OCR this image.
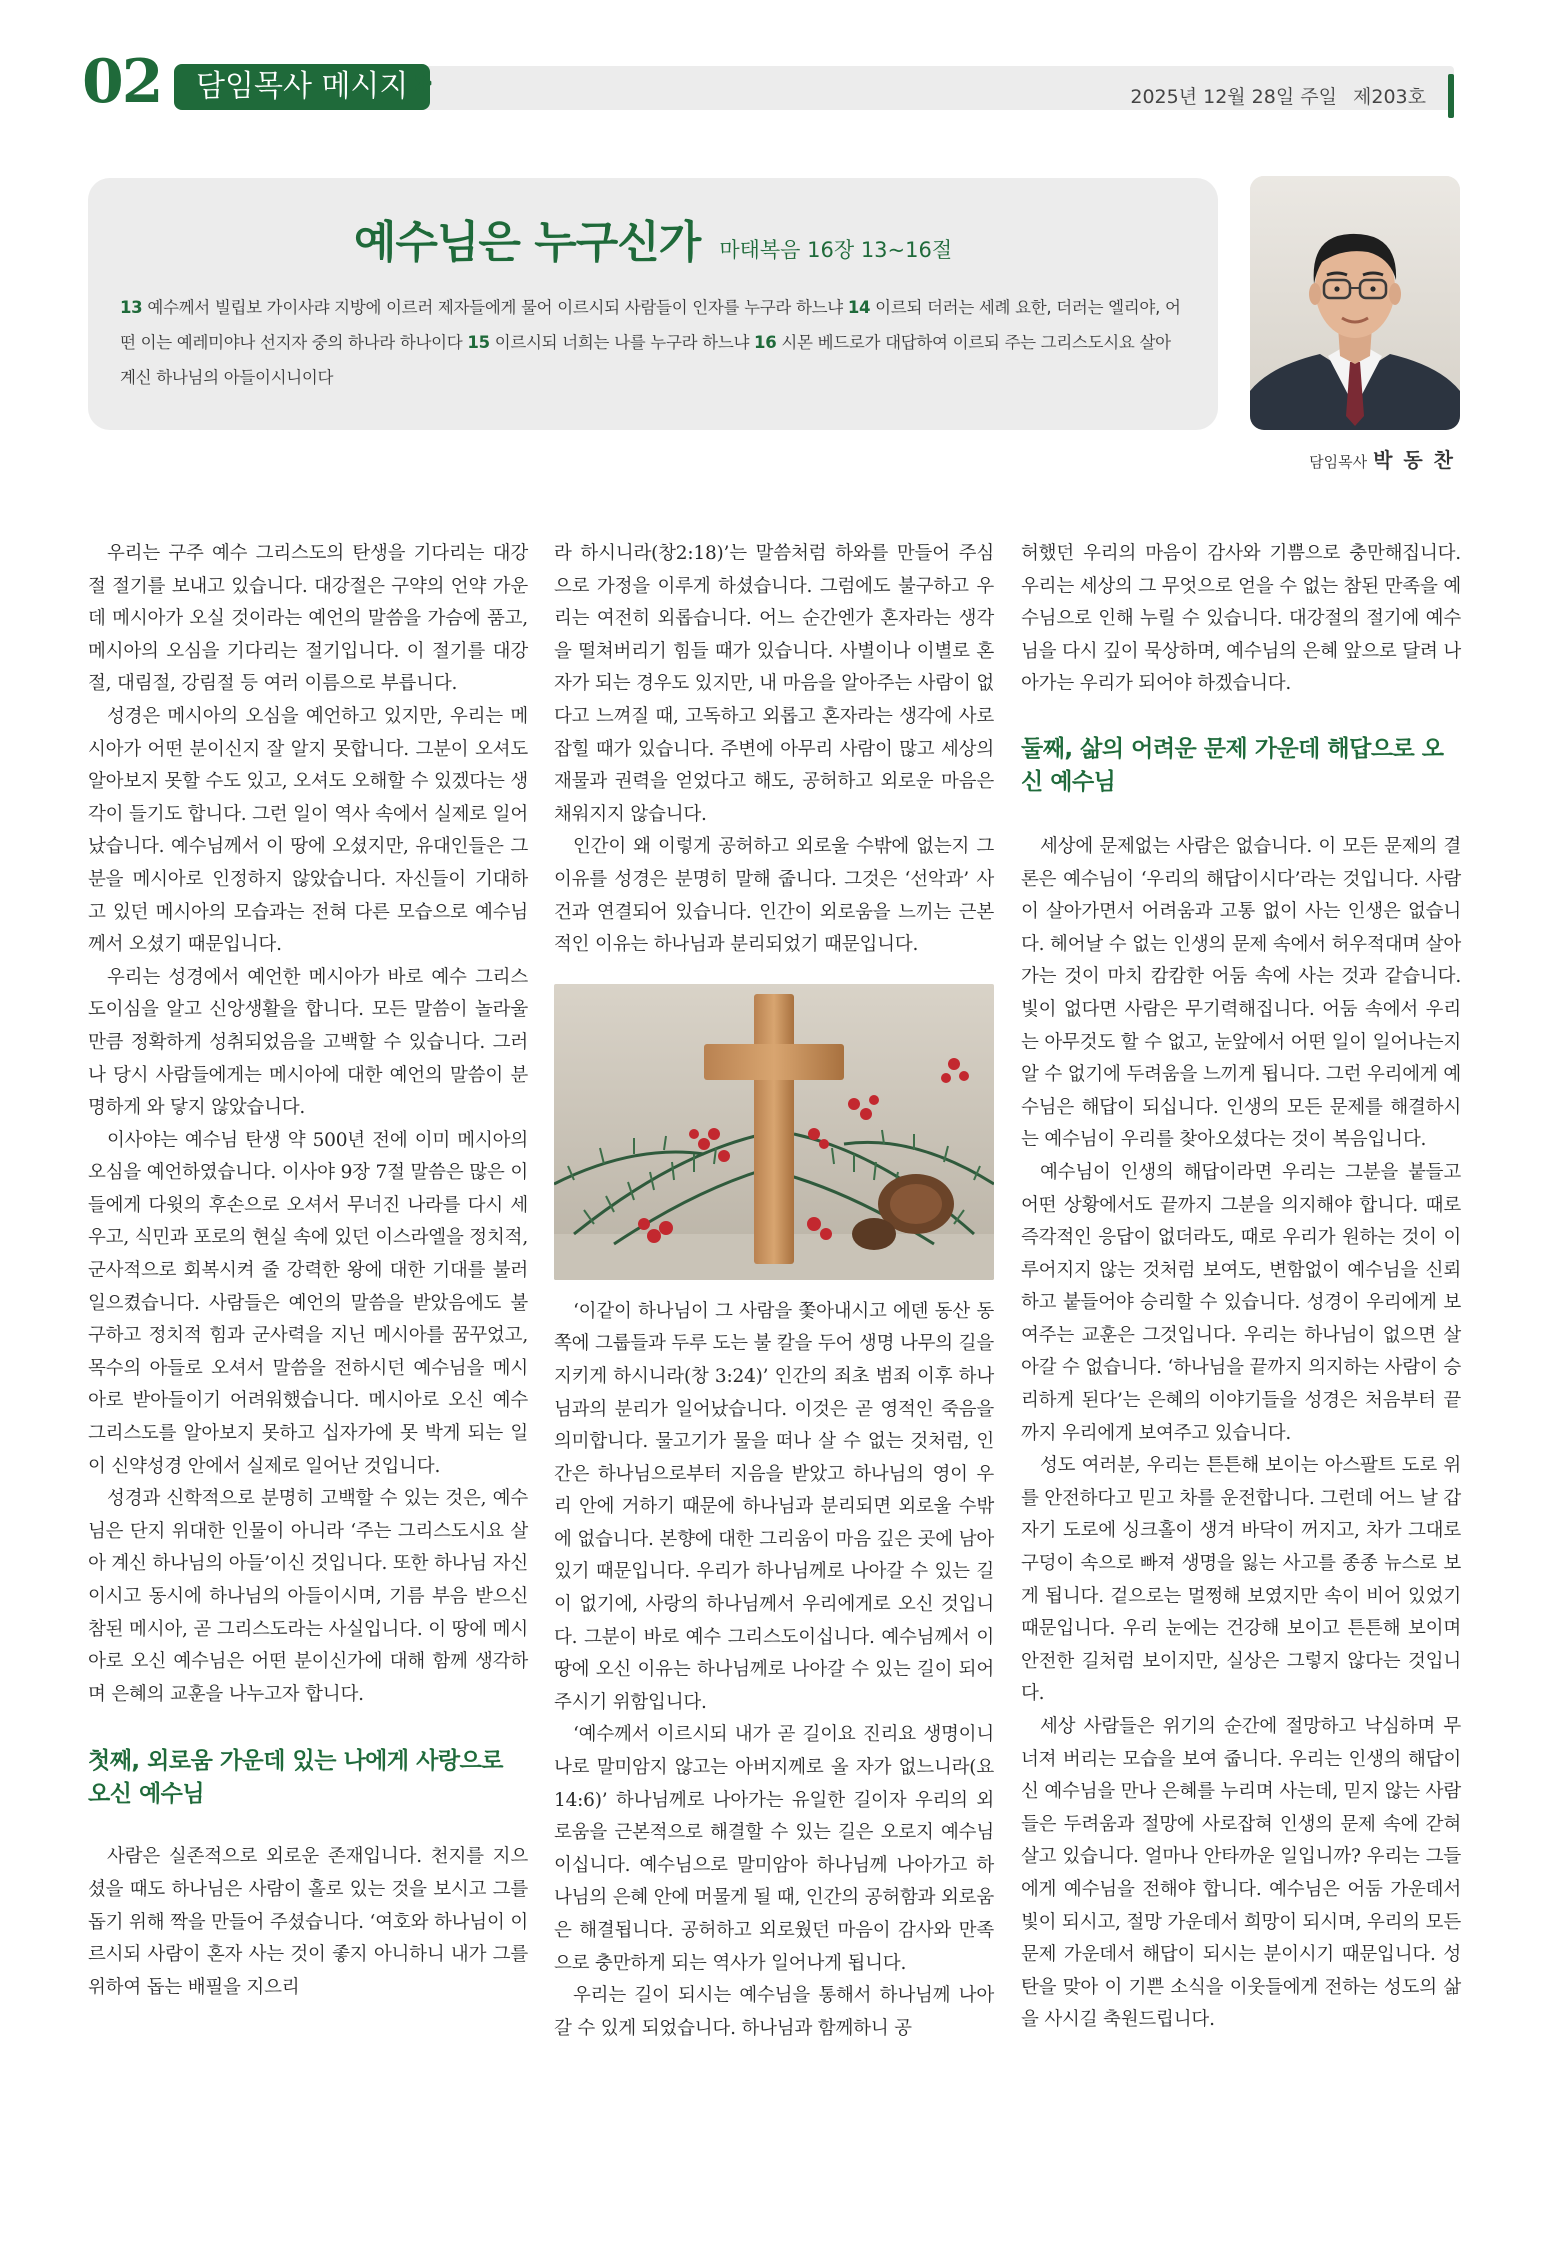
2025년 12월 28일 주일 제203호
02	담임목사 메시지 »
예수님은 누구신가 마태복음 16장 13~16절
13 예수께서 빌립보 가이사랴 지방에 이르러 제자들에게 물어 이르시되 사람들이 인자를 누구라 하느냐 14 이르되 더러는 세례 요한, 더러는 엘리야, 어떤 이는 예레미야나 선지자 중의 하나라 하나이다 15 이르시되 너희는 나를 누구라 하느냐 16 시몬 베드로가 대답하여 이르되 주는 그리스도시요 살아 계신 하나님의 아들이시니이다
담임목사 박 동 찬

우리는 구주 예수 그리스도의 탄생을 기다리는 대강절 절기를 보내고 있습니다. 대강절은 구약의 언약 가운데 메시아가 오실 것이라는 예언의 말씀을 가슴에 품고, 메시아의 오심을 기다리는 절기입니다. 이 절기를 대강절, 대림절, 강림절 등 여러 이름으로 부릅니다.

성경은 메시아의 오심을 예언하고 있지만, 우리는 메시아가 어떤 분이신지 잘 알지 못합니다. 그분이 오셔도 알아보지 못할 수도 있고, 오셔도 오해할 수 있겠다는 생각이 들기도 합니다. 그런 일이 역사 속에서 실제로 일어났습니다. 예수님께서 이 땅에 오셨지만, 유대인들은 그분을 메시아로 인정하지 않았습니다. 자신들이 기대하고 있던 메시아의 모습과는 전혀 다른 모습으로 예수님께서 오셨기 때문입니다.

우리는 성경에서 예언한 메시아가 바로 예수 그리스도이심을 알고 신앙생활을 합니다. 모든 말씀이 놀라울 만큼 정확하게 성취되었음을 고백할 수 있습니다. 그러나 당시 사람들에게는 메시아에 대한 예언의 말씀이 분명하게 와 닿지 않았습니다.

이사야는 예수님 탄생 약 500년 전에 이미 메시아의 오심을 예언하였습니다. 이사야 9장 7절 말씀은 많은 이들에게 다윗의 후손으로 오셔서 무너진 나라를 다시 세우고, 식민과 포로의 현실 속에 있던 이스라엘을 정치적, 군사적으로 회복시켜 줄 강력한 왕에 대한 기대를 불러일으켰습니다. 사람들은 예언의 말씀을 받았음에도 불구하고 정치적 힘과 군사력을 지닌 메시아를 꿈꾸었고, 목수의 아들로 오셔서 말씀을 전하시던 예수님을 메시아로 받아들이기 어려워했습니다. 메시아로 오신 예수 그리스도를 알아보지 못하고 십자가에 못 박게 되는 일이 신약성경 안에서 실제로 일어난 것입니다.

성경과 신학적으로 분명히 고백할 수 있는 것은, 예수님은 단지 위대한 인물이 아니라 ‘주는 그리스도시요 살아 계신 하나님의 아들’이신 것입니다. 또한 하나님 자신이시고 동시에 하나님의 아들이시며, 기름 부음 받으신 참된 메시아, 곧 그리스도라는 사실입니다. 이 땅에 메시아로 오신 예수님은 어떤 분이신가에 대해 함께 생각하며 은혜의 교훈을 나누고자 합니다.

첫째, 외로움 가운데 있는 나에게 사랑으로 오신 예수님

사람은 실존적으로 외로운 존재입니다. 천지를 지으셨을 때도 하나님은 사람이 홀로 있는 것을 보시고 그를 돕기 위해 짝을 만들어 주셨습니다. ‘여호와 하나님이 이르시되 사람이 혼자 사는 것이 좋지 아니하니 내가 그를 위하여 돕는 배필을 지으리

라 하시니라(창2:18)’는 말씀처럼 하와를 만들어 주심으로 가정을 이루게 하셨습니다. 그럼에도 불구하고 우리는 여전히 외롭습니다. 어느 순간엔가 혼자라는 생각을 떨쳐버리기 힘들 때가 있습니다. 사별이나 이별로 혼자가 되는 경우도 있지만, 내 마음을 알아주는 사람이 없다고 느껴질 때, 고독하고 외롭고 혼자라는 생각에 사로잡힐 때가 있습니다. 주변에 아무리 사람이 많고 세상의 재물과 권력을 얻었다고 해도, 공허하고 외로운 마음은 채워지지 않습니다.

인간이 왜 이렇게 공허하고 외로울 수밖에 없는지 그 이유를 성경은 분명히 말해 줍니다. 그것은 ‘선악과’ 사건과 연결되어 있습니다. 인간이 외로움을 느끼는 근본적인 이유는 하나님과 분리되었기 때문입니다.

‘이같이 하나님이 그 사람을 쫓아내시고 에덴 동산 동쪽에 그룹들과 두루 도는 불 칼을 두어 생명 나무의 길을 지키게 하시니라(창 3:24)’ 인간의 죄초 범죄 이후 하나님과의 분리가 일어났습니다. 이것은 곧 영적인 죽음을 의미합니다. 물고기가 물을 떠나 살 수 없는 것처럼, 인간은 하나님으로부터 지음을 받았고 하나님의 영이 우리 안에 거하기 때문에 하나님과 분리되면 외로울 수밖에 없습니다. 본향에 대한 그리움이 마음 깊은 곳에 남아 있기 때문입니다. 우리가 하나님께로 나아갈 수 있는 길이 없기에, 사랑의 하나님께서 우리에게로 오신 것입니다. 그분이 바로 예수 그리스도이십니다. 예수님께서 이 땅에 오신 이유는 하나님께로 나아갈 수 있는 길이 되어 주시기 위함입니다.

‘예수께서 이르시되 내가 곧 길이요 진리요 생명이니 나로 말미암지 않고는 아버지께로 올 자가 없느니라(요 14:6)’ 하나님께로 나아가는 유일한 길이자 우리의 외로움을 근본적으로 해결할 수 있는 길은 오로지 예수님이십니다. 예수님으로 말미암아 하나님께 나아가고 하나님의 은혜 안에 머물게 될 때, 인간의 공허함과 외로움은 해결됩니다. 공허하고 외로웠던 마음이 감사와 만족으로 충만하게 되는 역사가 일어나게 됩니다.

우리는 길이 되시는 예수님을 통해서 하나님께 나아갈 수 있게 되었습니다. 하나님과 함께하니 공

허했던 우리의 마음이 감사와 기쁨으로 충만해집니다. 우리는 세상의 그 무엇으로 얻을 수 없는 참된 만족을 예수님으로 인해 누릴 수 있습니다. 대강절의 절기에 예수님을 다시 깊이 묵상하며, 예수님의 은혜 앞으로 달려 나아가는 우리가 되어야 하겠습니다.

둘째, 삶의 어려운 문제 가운데 해답으로 오신 예수님

세상에 문제없는 사람은 없습니다. 이 모든 문제의 결론은 예수님이 ‘우리의 해답이시다’라는 것입니다. 사람이 살아가면서 어려움과 고통 없이 사는 인생은 없습니다. 헤어날 수 없는 인생의 문제 속에서 허우적대며 살아가는 것이 마치 캄캄한 어둠 속에 사는 것과 같습니다. 빛이 없다면 사람은 무기력해집니다. 어둠 속에서 우리는 아무것도 할 수 없고, 눈앞에서 어떤 일이 일어나는지 알 수 없기에 두려움을 느끼게 됩니다. 그런 우리에게 예수님은 해답이 되십니다. 인생의 모든 문제를 해결하시는 예수님이 우리를 찾아오셨다는 것이 복음입니다.

예수님이 인생의 해답이라면 우리는 그분을 붙들고 어떤 상황에서도 끝까지 그분을 의지해야 합니다. 때로 즉각적인 응답이 없더라도, 때로 우리가 원하는 것이 이루어지지 않는 것처럼 보여도, 변함없이 예수님을 신뢰하고 붙들어야 승리할 수 있습니다. 성경이 우리에게 보여주는 교훈은 그것입니다. 우리는 하나님이 없으면 살아갈 수 없습니다. ‘하나님을 끝까지 의지하는 사람이 승리하게 된다’는 은혜의 이야기들을 성경은 처음부터 끝까지 우리에게 보여주고 있습니다.

성도 여러분, 우리는 튼튼해 보이는 아스팔트 도로 위를 안전하다고 믿고 차를 운전합니다. 그런데 어느 날 갑자기 도로에 싱크홀이 생겨 바닥이 꺼지고, 차가 그대로 구덩이 속으로 빠져 생명을 잃는 사고를 종종 뉴스로 보게 됩니다. 겉으로는 멀쩡해 보였지만 속이 비어 있었기 때문입니다. 우리 눈에는 건강해 보이고 튼튼해 보이며 안전한 길처럼 보이지만, 실상은 그렇지 않다는 것입니다.

세상 사람들은 위기의 순간에 절망하고 낙심하며 무너져 버리는 모습을 보여 줍니다. 우리는 인생의 해답이신 예수님을 만나 은혜를 누리며 사는데, 믿지 않는 사람들은 두려움과 절망에 사로잡혀 인생의 문제 속에 갇혀 살고 있습니다. 얼마나 안타까운 일입니까? 우리는 그들에게 예수님을 전해야 합니다. 예수님은 어둠 가운데서 빛이 되시고, 절망 가운데서 희망이 되시며, 우리의 모든 문제 가운데서 해답이 되시는 분이시기 때문입니다. 성탄을 맞아 이 기쁜 소식을 이웃들에게 전하는 성도의 삶을 사시길 축원드립니다.
